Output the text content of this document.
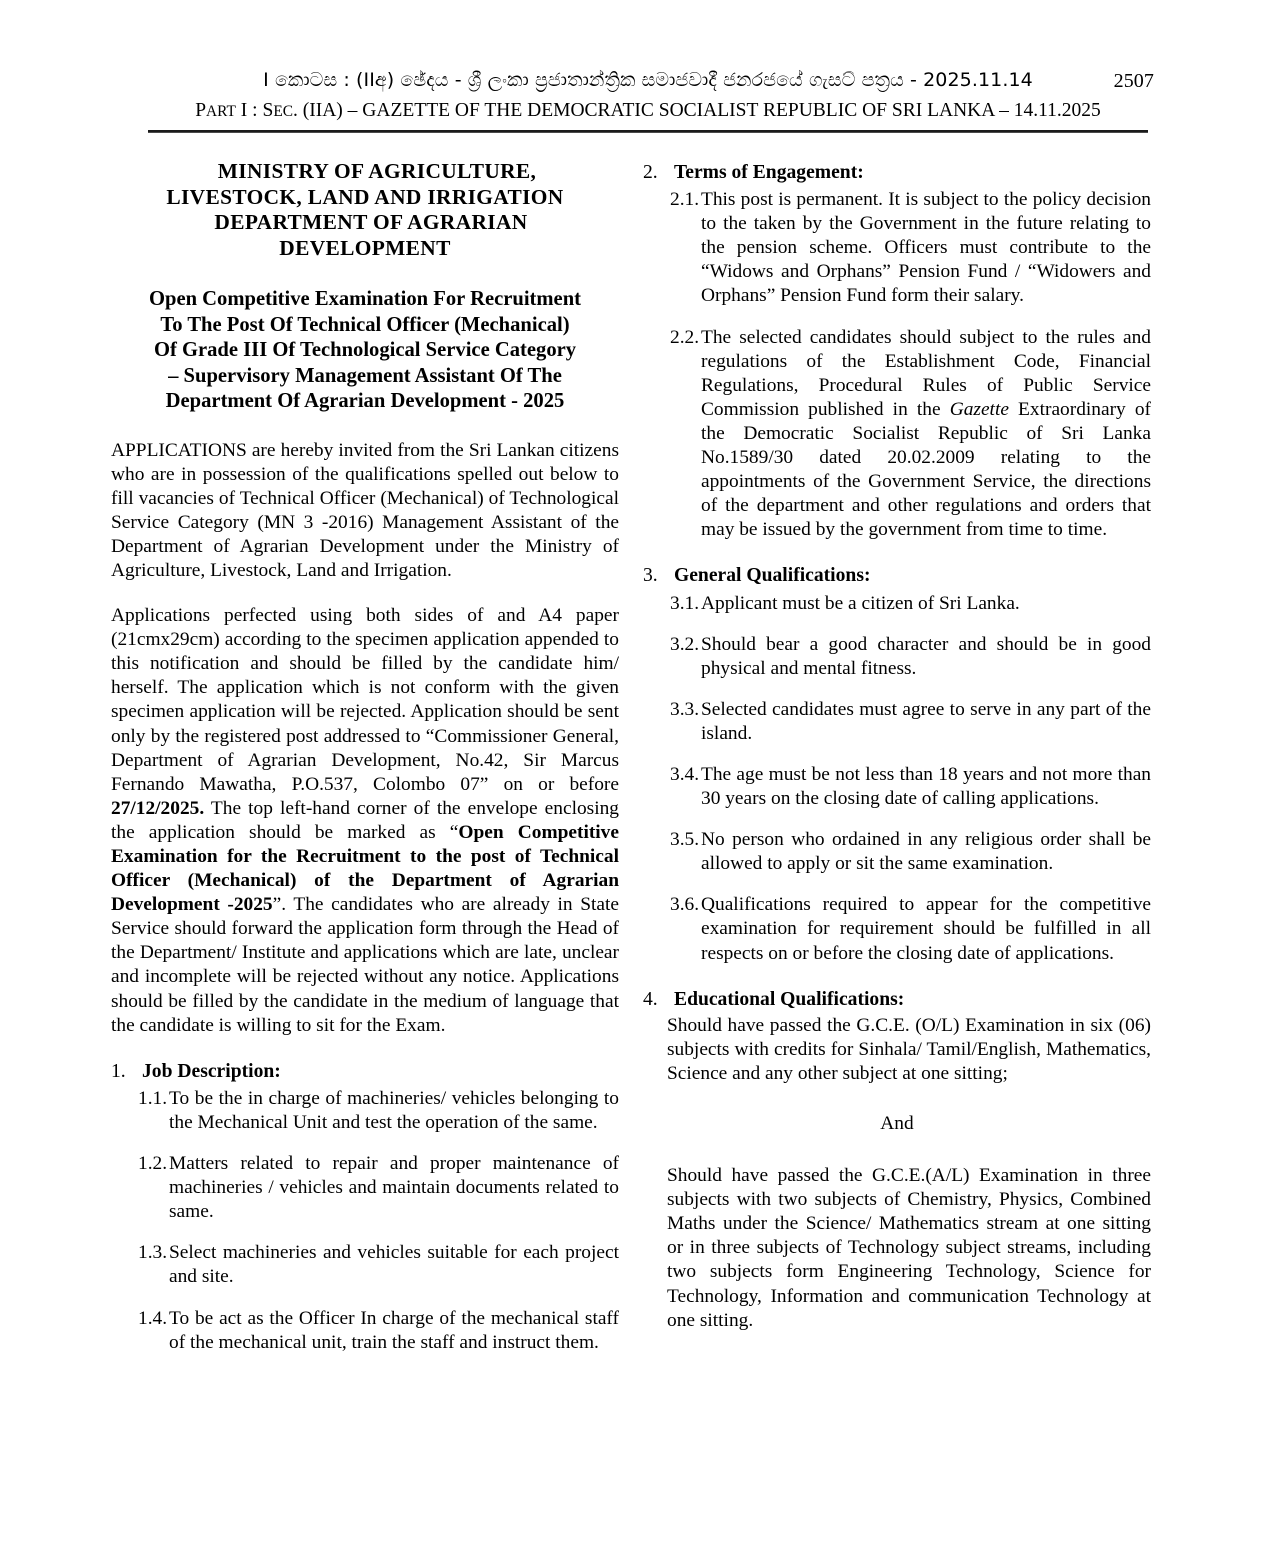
I කොටස : (IIඅ) ඡේදය - ශ්‍රී ලංකා ප්‍රජාතාන්ත්‍රික සමාජවාදී ජනරජයේ ගැසට් පත්‍රය - 2025.11.14	2507
PART I : SEC. (IIA) – GAZETTE OF THE DEMOCRATIC SOCIALIST REPUBLIC OF SRI LANKA – 14.11.2025
MINISTRY OF AGRICULTURE,
LIVESTOCK, LAND AND IRRIGATION
DEPARTMENT OF AGRARIAN
DEVELOPMENT
Open Competitive Examination For Recruitment
To The Post Of Technical Officer (Mechanical)
Of Grade III Of Technological Service Category
– Supervisory Management Assistant Of The
Department Of Agrarian Development - 2025

APPLICATIONS are hereby invited from the Sri Lankan citizens who are in possession of the qualifications spelled out below to fill vacancies of Technical Officer (Mechanical) of Technological Service Category (MN 3 -2016) Management Assistant of the Department of Agrarian Development under the Ministry of Agriculture, Livestock, Land and Irrigation.

Applications perfected using both sides of and A4 paper (21cmx29cm) according to the specimen application appended to this notification and should be filled by the candidate him/ herself. The application which is not conform with the given specimen application will be rejected. Application should be sent only by the registered post addressed to “Commissioner General, Department of Agrarian Development, No.42, Sir Marcus Fernando Mawatha, P.O.537, Colombo 07” on or before 27/12/2025. The top left-hand corner of the envelope enclosing the application should be marked as “Open Competitive Examination for the Recruitment to the post of Technical Officer (Mechanical) of the Department of Agrarian Development -2025”. The candidates who are already in State Service should forward the application form through the Head of the Department/ Institute and applications which are late, unclear and incomplete will be rejected without any notice. Applications should be filled by the candidate in the medium of language that the candidate is willing to sit for the Exam.

1. Job Description:
1.1. To be the in charge of machineries/ vehicles belonging to the Mechanical Unit and test the operation of the same.
1.2. Matters related to repair and proper maintenance of machineries / vehicles and maintain documents related to same.
1.3. Select machineries and vehicles suitable for each project and site.
1.4. To be act as the Officer In charge of the mechanical staff of the mechanical unit, train the staff and instruct them.
2. Terms of Engagement:
2.1. This post is permanent. It is subject to the policy decision to the taken by the Government in the future relating to the pension scheme. Officers must contribute to the “Widows and Orphans” Pension Fund / “Widowers and Orphans” Pension Fund form their salary.
2.2. The selected candidates should subject to the rules and regulations of the Establishment Code, Financial Regulations, Procedural Rules of Public Service Commission published in the Gazette Extraordinary of the Democratic Socialist Republic of Sri Lanka No.1589/30 dated 20.02.2009 relating to the appointments of the Government Service, the directions of the department and other regulations and orders that may be issued by the government from time to time.
3. General Qualifications:
3.1. Applicant must be a citizen of Sri Lanka.
3.2. Should bear a good character and should be in good physical and mental fitness.
3.3. Selected candidates must agree to serve in any part of the island.
3.4. The age must be not less than 18 years and not more than 30 years on the closing date of calling applications.
3.5. No person who ordained in any religious order shall be allowed to apply or sit the same examination.
3.6. Qualifications required to appear for the competitive examination for requirement should be fulfilled in all respects on or before the closing date of applications.
4. Educational Qualifications:
Should have passed the G.C.E. (O/L) Examination in six (06) subjects with credits for Sinhala/ Tamil/English, Mathematics, Science and any other subject at one sitting;
And
Should have passed the G.C.E.(A/L) Examination in three subjects with two subjects of Chemistry, Physics, Combined Maths under the Science/ Mathematics stream at one sitting or in three subjects of Technology subject streams, including two subjects form Engineering Technology, Science for Technology, Information and communication Technology at one sitting.
